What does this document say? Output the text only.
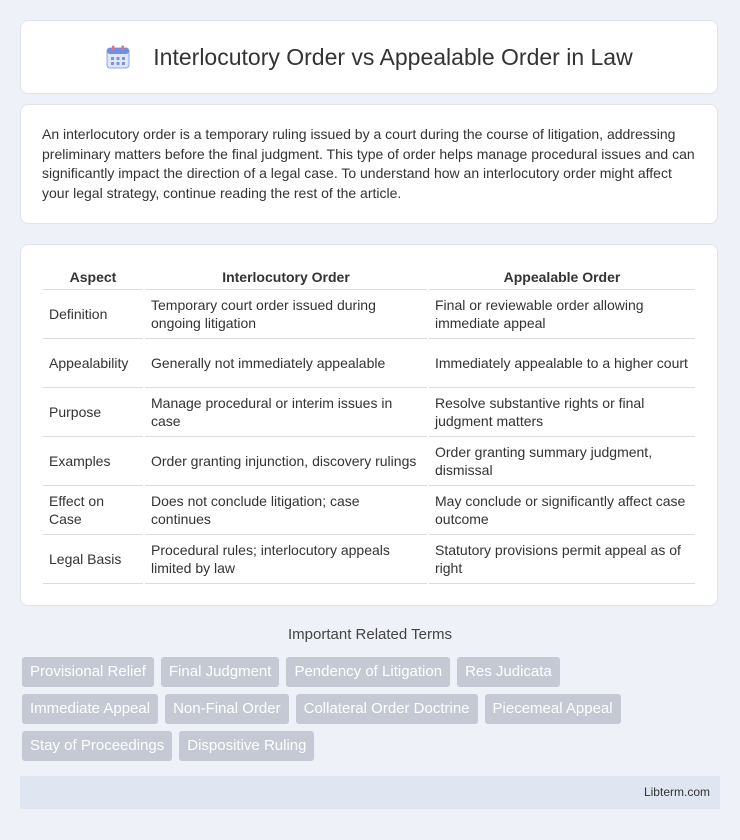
Interlocutory Order vs Appealable Order in Law

An interlocutory order is a temporary ruling issued by a court during the course of litigation, addressing preliminary matters before the final judgment. This type of order helps manage procedural issues and can significantly impact the direction of a legal case. To understand how an interlocutory order might affect your legal strategy, continue reading the rest of the article.

Aspect	Interlocutory Order	Appealable Order
Definition	Temporary court order issued during ongoing litigation	Final or reviewable order allowing immediate appeal
Appealability	Generally not immediately appealable	Immediately appealable to a higher court
Purpose	Manage procedural or interim issues in case	Resolve substantive rights or final judgment matters
Examples	Order granting injunction, discovery rulings	Order granting summary judgment, dismissal
Effect on Case	Does not conclude litigation; case continues	May conclude or significantly affect case outcome
Legal Basis	Procedural rules; interlocutory appeals limited by law	Statutory provisions permit appeal as of right
Important Related Terms
Provisional Relief	Final Judgment	Pendency of Litigation	Res Judicata
Immediate Appeal	Non-Final Order	Collateral Order Doctrine	Piecemeal Appeal
Stay of Proceedings	Dispositive Ruling
Libterm.com
